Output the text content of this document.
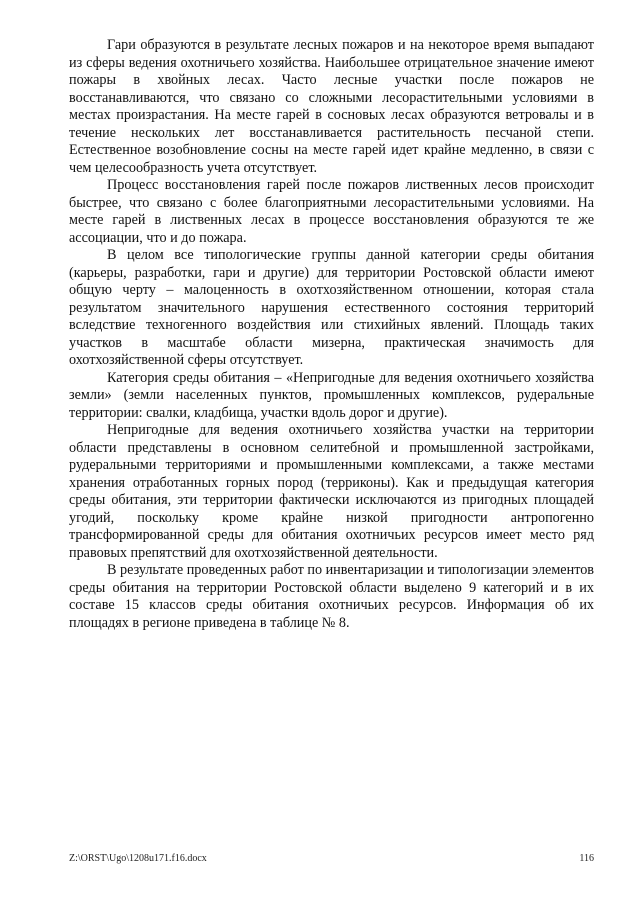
Гари образуются в результате лесных пожаров и на некоторое время выпадают из сферы ведения охотничьего хозяйства. Наибольшее отрицательное значение имеют пожары в хвойных лесах. Часто лесные участки после пожаров не восстанавливаются, что связано со сложными лесорастительными условиями в местах произрастания. На месте гарей в сосновых лесах образуются ветровалы и в течение нескольких лет восстанавливается растительность песчаной степи. Естественное возобновление сосны на месте гарей идет крайне медленно, в связи с чем целесообразность учета отсутствует.

Процесс восстановления гарей после пожаров лиственных лесов происходит быстрее, что связано с более благоприятными лесорастительными условиями. На месте гарей в лиственных лесах в процессе восстановления образуются те же ассоциации, что и до пожара.

В целом все типологические группы данной категории среды обитания (карьеры, разработки, гари и другие) для территории Ростовской области имеют общую черту – малоценность в охотхозяйственном отношении, которая стала результатом значительного нарушения естественного состояния территорий вследствие техногенного воздействия или стихийных явлений. Площадь таких участков в масштабе области мизерна, практическая значимость для охотхозяйственной сферы отсутствует.

Категория среды обитания – «Непригодные для ведения охотничьего хозяйства земли» (земли населенных пунктов, промышленных комплексов, рудеральные территории: свалки, кладбища, участки вдоль дорог и другие).

Непригодные для ведения охотничьего хозяйства участки на территории области представлены в основном селитебной и промышленной застройками, рудеральными территориями и промышленными комплексами, а также местами хранения отработанных горных пород (терриконы). Как и предыдущая категория среды обитания, эти территории фактически исключаются из пригодных площадей угодий, поскольку кроме крайне низкой пригодности антропогенно трансформированной среды для обитания охотничьих ресурсов имеет место ряд правовых препятствий для охотхозяйственной деятельности.

В результате проведенных работ по инвентаризации и типологизации элементов среды обитания на территории Ростовской области выделено 9 категорий и в их составе 15 классов среды обитания охотничьих ресурсов. Информация об их площадях в регионе приведена в таблице № 8.

Z:\ORST\Ugo\1208u171.f16.docx	116
